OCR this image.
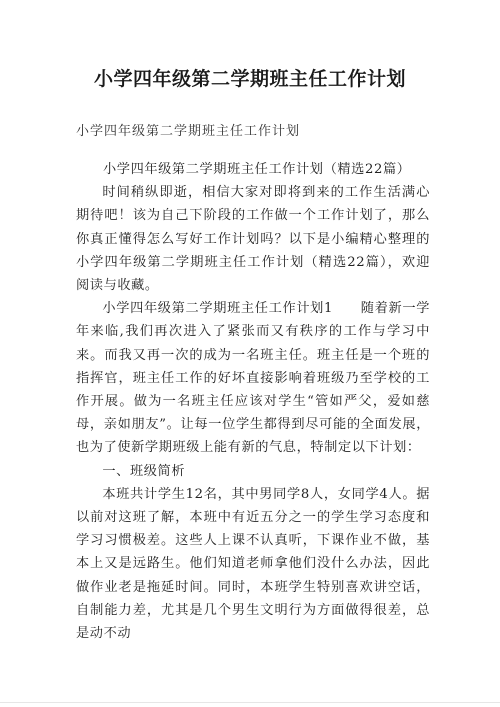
小学四年级第二学期班主任工作计划
小学四年级第二学期班主任工作计划

小学四年级第二学期班主任工作计划（精选22篇）

时间稍纵即逝，相信大家对即将到来的工作生活满心期待吧！该为自己下阶段的工作做一个工作计划了，那么你真正懂得怎么写好工作计划吗？以下是小编精心整理的小学四年级第二学期班主任工作计划（精选22篇），欢迎阅读与收藏。

小学四年级第二学期班主任工作计划1　　随着新一学年来临,我们再次进入了紧张而又有秩序的工作与学习中来。而我又再一次的成为一名班主任。班主任是一个班的指挥官，班主任工作的好坏直接影响着班级乃至学校的工作开展。做为一名班主任应该对学生“管如严父，爱如慈母，亲如朋友”。让每一位学生都得到尽可能的全面发展，也为了使新学期班级上能有新的气息，特制定以下计划：

一、班级简析

本班共计学生12名，其中男同学8人，女同学4人。据以前对这班了解，本班中有近五分之一的学生学习态度和学习习惯极差。这些人上课不认真听，下课作业不做，基本上又是远路生。他们知道老师拿他们没什么办法，因此做作业老是拖延时间。同时，本班学生特别喜欢讲空话，自制能力差，尤其是几个男生文明行为方面做得很差，总是动不动
